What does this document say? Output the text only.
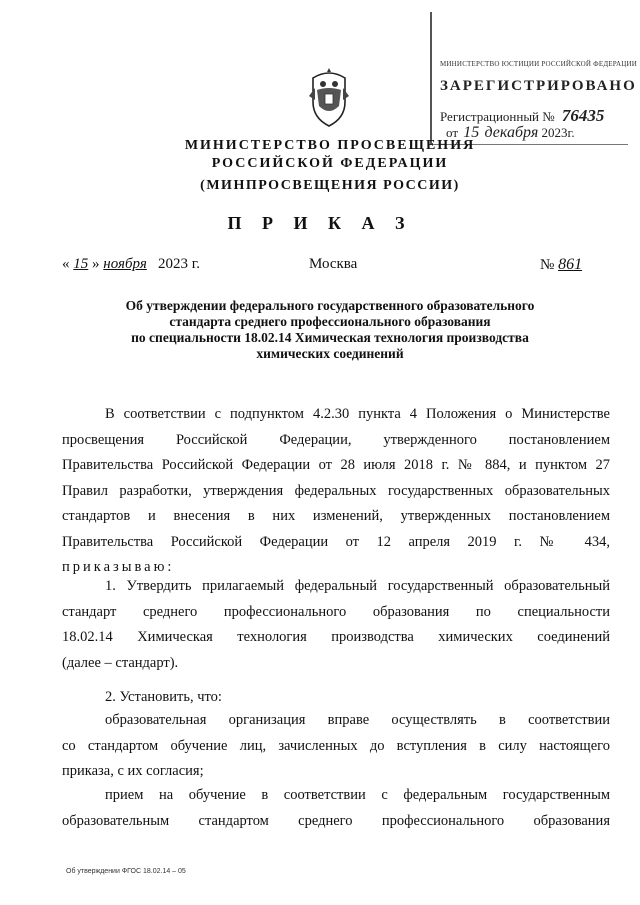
МИНИСТЕРСТВО ЮСТИЦИИ РОССИЙСКОЙ ФЕДЕРАЦИИ
ЗАРЕГИСТРИРОВАНО
Регистрационный № 76435
от 15 декабря 2023г.
МИНИСТЕРСТВО ПРОСВЕЩЕНИЯ
РОССИЙСКОЙ ФЕДЕРАЦИИ
(МИНПРОСВЕЩЕНИЯ РОССИИ)
П Р И К А З
« 15 » ноября 2023 г.	Москва	№ 861
Об утверждении федерального государственного образовательного
стандарта среднего профессионального образования
по специальности 18.02.14 Химическая технология производства
химических соединений
В соответствии с подпунктом 4.2.30 пункта 4 Положения о Министерстве
просвещения Российской Федерации, утвержденного постановлением
Правительства Российской Федерации от 28 июля 2018 г. № 884, и пунктом 27
Правил разработки, утверждения федеральных государственных образовательных
стандартов и внесения в них изменений, утвержденных постановлением
Правительства Российской Федерации от 12 апреля 2019 г. № 434,
приказываю:
1. Утвердить прилагаемый федеральный государственный образовательный
стандарт среднего профессионального образования по специальности
18.02.14 Химическая технология производства химических соединений
(далее – стандарт).
2. Установить, что:
образовательная организация вправе осуществлять в соответствии
со стандартом обучение лиц, зачисленных до вступления в силу настоящего
приказа, с их согласия;
прием на обучение в соответствии с федеральным государственным
образовательным стандартом среднего профессионального образования
Об утверждении ФГОС 18.02.14 – 05
